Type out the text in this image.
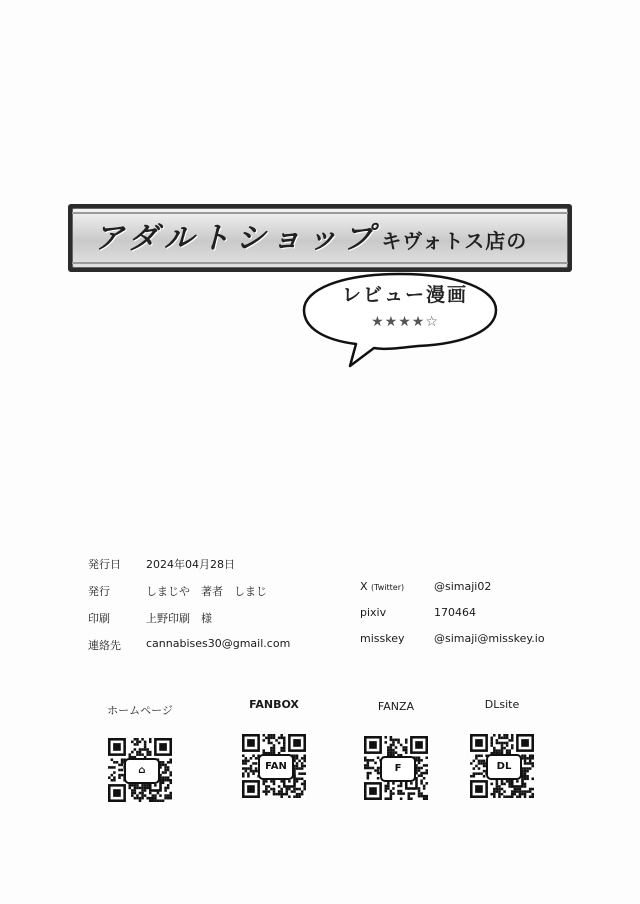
アダルトショップ キヴォトス店の
レビュー漫画
★★★★☆
発行日 2024年04月28日
発行	しまじや　著者　しまじ
印刷	上野印刷　様
連絡先 cannabises30@gmail.com
X (Twitter)	@simaji02
pixiv	170464
misskey	@simaji@misskey.io
ホームページ
⌂
FANBOX
FAN
FANZA
F
DLsite
DL
